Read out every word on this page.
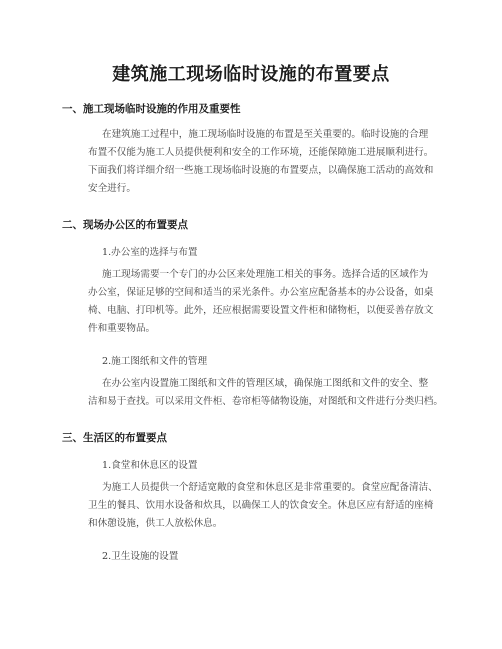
建筑施工现场临时设施的布置要点
一、施工现场临时设施的作用及重要性
在建筑施工过程中，施工现场临时设施的布置是至关重要的。临时设施的合理
布置不仅能为施工人员提供便利和安全的工作环境，还能保障施工进展顺利进行。
下面我们将详细介绍一些施工现场临时设施的布置要点，以确保施工活动的高效和
安全进行。
二、现场办公区的布置要点
1.办公室的选择与布置
施工现场需要一个专门的办公区来处理施工相关的事务。选择合适的区域作为
办公室，保证足够的空间和适当的采光条件。办公室应配备基本的办公设备，如桌
椅、电脑、打印机等。此外，还应根据需要设置文件柜和储物柜，以便妥善存放文
件和重要物品。
2.施工图纸和文件的管理
在办公室内设置施工图纸和文件的管理区域，确保施工图纸和文件的安全、整
洁和易于查找。可以采用文件柜、卷帘柜等储物设施，对图纸和文件进行分类归档。
三、生活区的布置要点
1.食堂和休息区的设置
为施工人员提供一个舒适宽敞的食堂和休息区是非常重要的。食堂应配备清洁、
卫生的餐具、饮用水设备和炊具，以确保工人的饮食安全。休息区应有舒适的座椅
和休憩设施，供工人放松休息。
2.卫生设施的设置
